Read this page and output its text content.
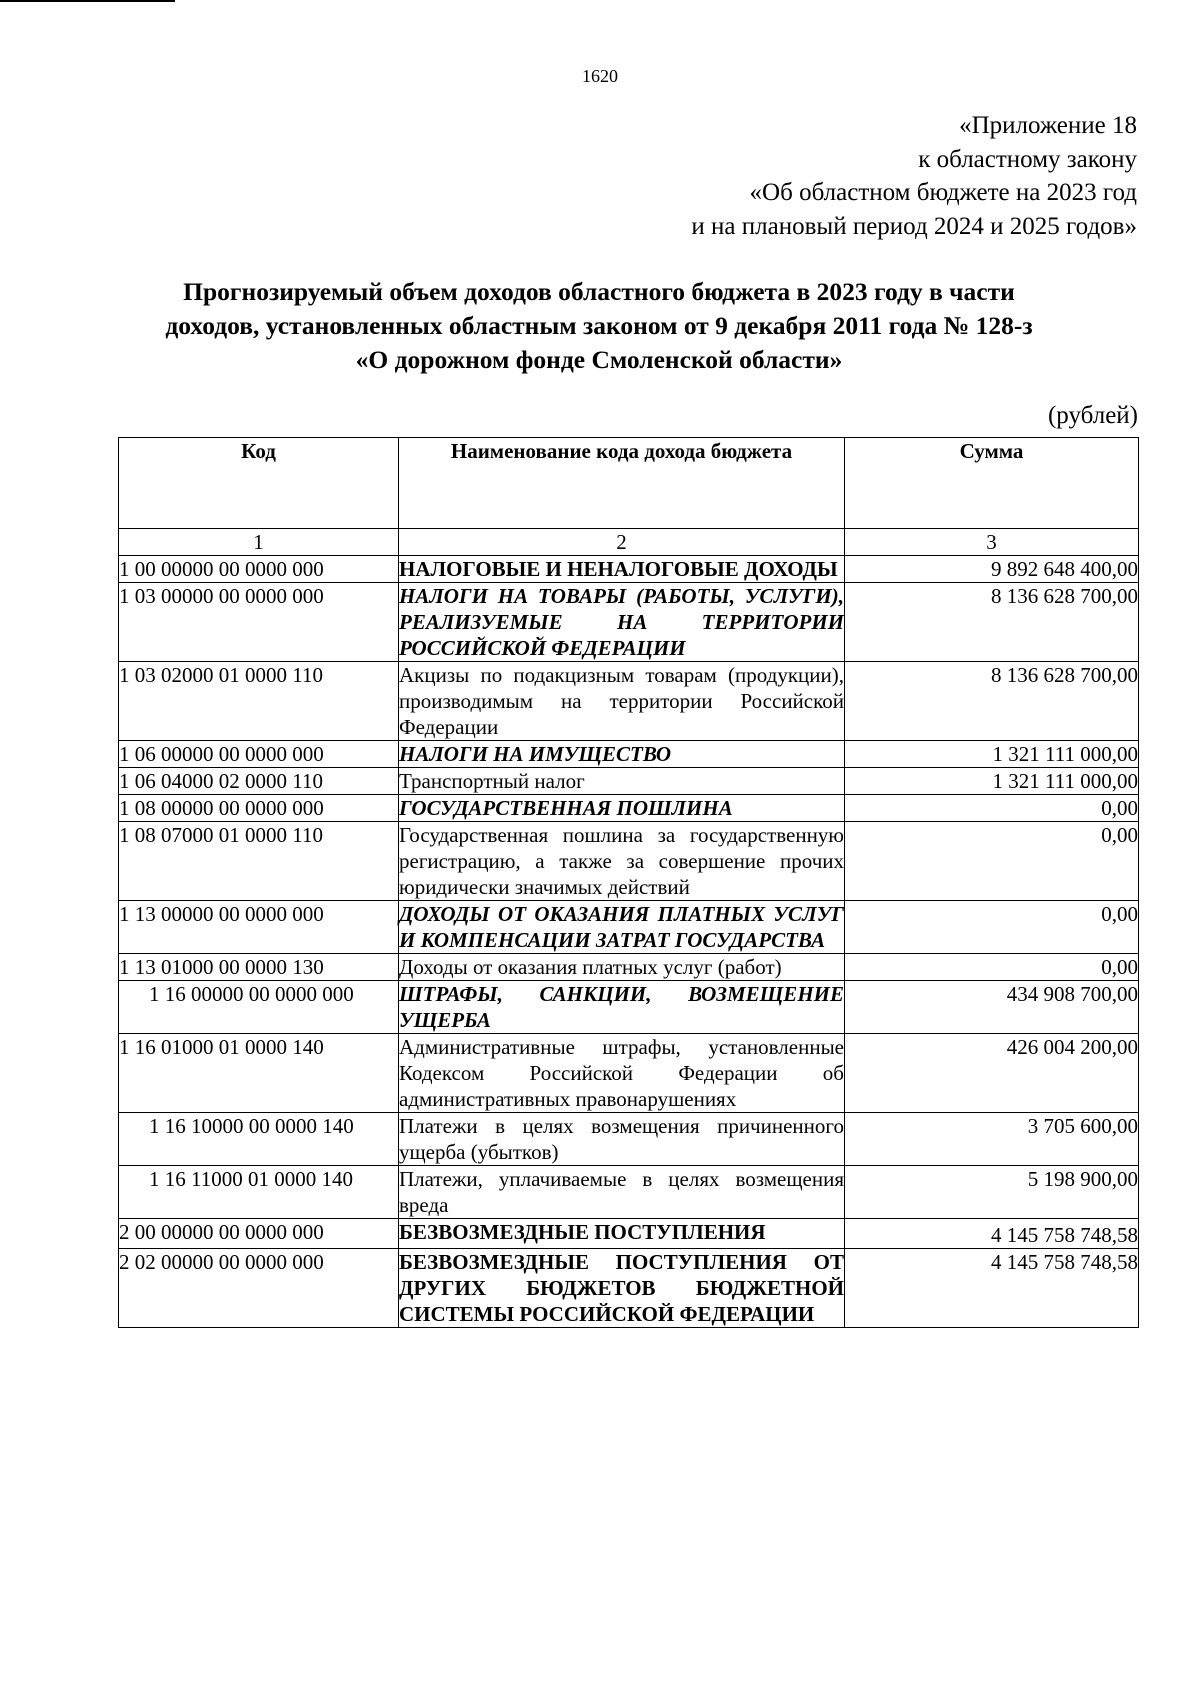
1620
«Приложение 18
к областному закону
«Об областном бюджете на 2023 год
и на плановый период 2024 и 2025 годов»
Прогнозируемый объем доходов областного бюджета в 2023 году в части
доходов, установленных областным законом от 9 декабря 2011 года № 128-з
«О дорожном фонде Смоленской области»
(рублей)
Код	Наименование кода дохода бюджета	Сумма
1	2	3
1 00 00000 00 0000 000	НАЛОГОВЫЕ И НЕНАЛОГОВЫЕ ДОХОДЫ	9 892 648 400,00
1 03 00000 00 0000 000	НАЛОГИ НА ТОВАРЫ (РАБОТЫ, УСЛУГИ), РЕАЛИЗУЕМЫЕ НА ТЕРРИТОРИИ РОССИЙСКОЙ ФЕДЕРАЦИИ	8 136 628 700,00
1 03 02000 01 0000 110	Акцизы по подакцизным товарам (продукции), производимым на территории Российской Федерации	8 136 628 700,00
1 06 00000 00 0000 000	НАЛОГИ НА ИМУЩЕСТВО	1 321 111 000,00
1 06 04000 02 0000 110	Транспортный налог	1 321 111 000,00
1 08 00000 00 0000 000	ГОСУДАРСТВЕННАЯ ПОШЛИНА	0,00
1 08 07000 01 0000 110	Государственная пошлина за государственную регистрацию, а также за совершение прочих юридически значимых действий	0,00
1 13 00000 00 0000 000	ДОХОДЫ ОТ ОКАЗАНИЯ ПЛАТНЫХ УСЛУГ И КОМПЕНСАЦИИ ЗАТРАТ ГОСУДАРСТВА	0,00
1 13 01000 00 0000 130	Доходы от оказания платных услуг (работ)	0,00
1 16 00000 00 0000 000	ШТРАФЫ, САНКЦИИ, ВОЗМЕЩЕНИЕ УЩЕРБА	434 908 700,00
1 16 01000 01 0000 140	Административные штрафы, установленные Кодексом Российской Федерации об административных правонарушениях	426 004 200,00
1 16 10000 00 0000 140	Платежи в целях возмещения причиненного ущерба (убытков)	3 705 600,00
1 16 11000 01 0000 140	Платежи, уплачиваемые в целях возмещения вреда	5 198 900,00
2 00 00000 00 0000 000	БЕЗВОЗМЕЗДНЫЕ ПОСТУПЛЕНИЯ	4 145 758 748,58
2 02 00000 00 0000 000	БЕЗВОЗМЕЗДНЫЕ ПОСТУПЛЕНИЯ ОТ ДРУГИХ БЮДЖЕТОВ БЮДЖЕТНОЙ СИСТЕМЫ РОССИЙСКОЙ ФЕДЕРАЦИИ	4 145 758 748,58
